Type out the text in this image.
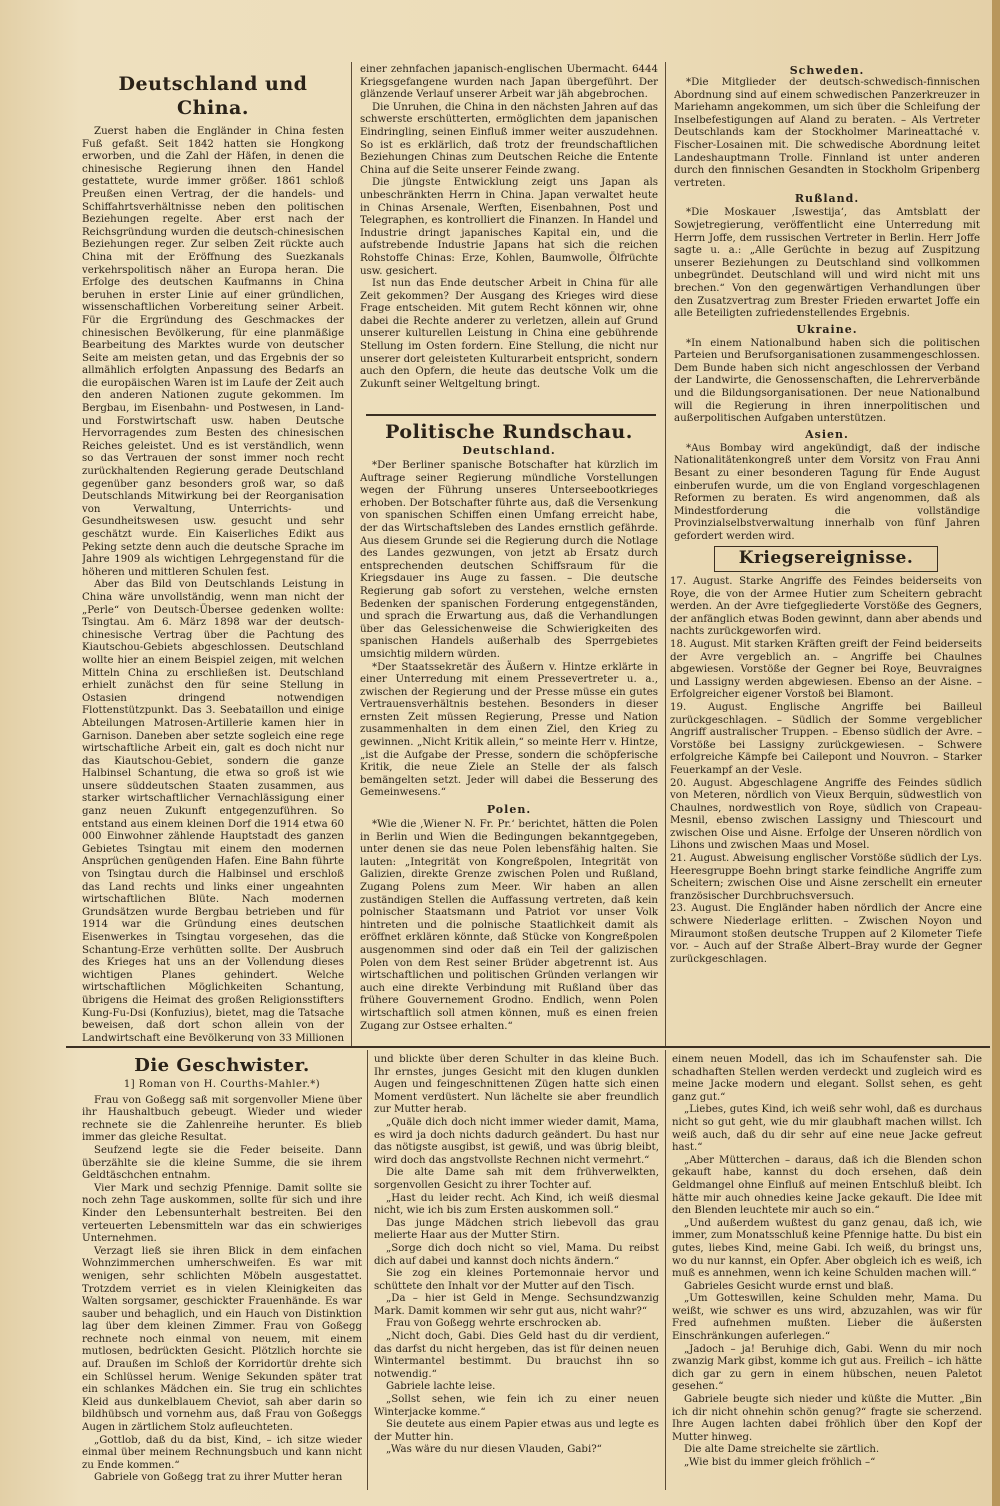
Deutschland und China.

Zuerst haben die Engländer in China festen Fuß gefaßt. Seit 1842 hatten sie Hongkong erworben, und die Zahl der Häfen, in denen die chinesische Regierung ihnen den Handel gestattete, wurde immer größer. 1861 schloß Preußen einen Vertrag, der die handels- und Schiffahrtsverhältnisse neben den politischen Beziehungen regelte. Aber erst nach der Reichsgründung wurden die deutsch-chinesischen Beziehungen reger. Zur selben Zeit rückte auch China mit der Eröffnung des Suezkanals verkehrspolitisch näher an Europa heran. Die Erfolge des deutschen Kaufmanns in China beruhen in erster Linie auf einer gründlichen, wissenschaftlichen Vorbereitung seiner Arbeit. Für die Ergründung des Geschmackes der chinesischen Bevölkerung, für eine planmäßige Bearbeitung des Marktes wurde von deutscher Seite am meisten getan, und das Ergebnis der so allmählich erfolgten Anpassung des Bedarfs an die europäischen Waren ist im Laufe der Zeit auch den anderen Nationen zugute gekommen. Im Bergbau, im Eisenbahn- und Postwesen, in Land- und Forstwirtschaft usw. haben Deutsche Hervorragendes zum Besten des chinesischen Reiches geleistet. Und es ist verständlich, wenn so das Vertrauen der sonst immer noch recht zurückhaltenden Regierung gerade Deutschland gegenüber ganz besonders groß war, so daß Deutschlands Mitwirkung bei der Reorganisation von Verwaltung, Unterrichts- und Gesundheitswesen usw. gesucht und sehr geschätzt wurde. Ein Kaiserliches Edikt aus Peking setzte denn auch die deutsche Sprache im Jahre 1909 als wichtigen Lehrgegenstand für die höheren und mittleren Schulen fest.

Aber das Bild von Deutschlands Leistung in China wäre unvollständig, wenn man nicht der „Perle“ von Deutsch-Übersee gedenken wollte: Tsingtau. Am 6. März 1898 war der deutsch-chinesische Vertrag über die Pachtung des Kiautschou-Gebiets abgeschlossen. Deutschland wollte hier an einem Beispiel zeigen, mit welchen Mitteln China zu erschließen ist. Deutschland erhielt zunächst den für seine Stellung in Ostasien dringend notwendigen Flottenstützpunkt. Das 3. Seebataillon und einige Abteilungen Matrosen-Artillerie kamen hier in Garnison. Daneben aber setzte sogleich eine rege wirtschaftliche Arbeit ein, galt es doch nicht nur das Kiautschou-Gebiet, sondern die ganze Halbinsel Schantung, die etwa so groß ist wie unsere süddeutschen Staaten zusammen, aus starker wirtschaftlicher Vernachlässigung einer ganz neuen Zukunft entgegenzuführen. So entstand aus einem kleinen Dorf die 1914 etwa 60 000 Einwohner zählende Hauptstadt des ganzen Gebietes Tsingtau mit einem den modernen Ansprüchen genügenden Hafen. Eine Bahn führte von Tsingtau durch die Halbinsel und erschloß das Land rechts und links einer ungeahnten wirtschaftlichen Blüte. Nach modernen Grundsätzen wurde Bergbau betrieben und für 1914 war die Gründung eines deutschen Eisenwerkes in Tsingtau vorgesehen, das die Schantung-Erze verhütten sollte. Der Ausbruch des Krieges hat uns an der Vollendung dieses wichtigen Planes gehindert. Welche wirtschaftlichen Möglichkeiten Schantung, übrigens die Heimat des großen Religionsstifters Kung-Fu-Dsi (Konfuzius), bietet, mag die Tatsache beweisen, daß dort schon allein von der Landwirtschaft eine Bevölkerung von 33 Millionen

einer zehnfachen japanisch-englischen Übermacht. 6444 Kriegsgefangene wurden nach Japan übergeführt. Der glänzende Verlauf unserer Arbeit war jäh abgebrochen.

Die Unruhen, die China in den nächsten Jahren auf das schwerste erschütterten, ermöglichten dem japanischen Eindringling, seinen Einfluß immer weiter auszudehnen. So ist es erklärlich, daß trotz der freundschaftlichen Beziehungen Chinas zum Deutschen Reiche die Entente China auf die Seite unserer Feinde zwang.

Die jüngste Entwicklung zeigt uns Japan als unbeschränkten Herrn in China. Japan verwaltet heute in Chinas Arsenale, Werften, Eisenbahnen, Post und Telegraphen, es kontrolliert die Finanzen. In Handel und Industrie dringt japanisches Kapital ein, und die aufstrebende Industrie Japans hat sich die reichen Rohstoffe Chinas: Erze, Kohlen, Baumwolle, Ölfrüchte usw. gesichert.

Ist nun das Ende deutscher Arbeit in China für alle Zeit gekommen? Der Ausgang des Krieges wird diese Frage entscheiden. Mit gutem Recht können wir, ohne dabei die Rechte anderer zu verletzen, allein auf Grund unserer kulturellen Leistung in China eine gebührende Stellung im Osten fordern. Eine Stellung, die nicht nur unserer dort geleisteten Kulturarbeit entspricht, sondern auch den Opfern, die heute das deutsche Volk um die Zukunft seiner Weltgeltung bringt.

Politische Rundschau.
Deutschland.

*Der Berliner spanische Botschafter hat kürzlich im Auftrage seiner Regierung mündliche Vorstellungen wegen der Führung unseres Unterseebootkrieges erhoben. Der Botschafter führte aus, daß die Versenkung von spanischen Schiffen einen Umfang erreicht habe, der das Wirtschaftsleben des Landes ernstlich gefährde. Aus diesem Grunde sei die Regierung durch die Notlage des Landes gezwungen, von jetzt ab Ersatz durch entsprechenden deutschen Schiffsraum für die Kriegsdauer ins Auge zu fassen. – Die deutsche Regierung gab sofort zu verstehen, welche ernsten Bedenken der spanischen Forderung entgegenständen, und sprach die Erwartung aus, daß die Verhandlungen über das Gelessichenweise die Schwierigkeiten des spanischen Handels außerhalb des Sperrgebietes umsichtig mildern würden.

*Der Staatssekretär des Äußern v. Hintze erklärte in einer Unterredung mit einem Pressevertreter u. a., zwischen der Regierung und der Presse müsse ein gutes Vertrauensverhältnis bestehen. Besonders in dieser ernsten Zeit müssen Regierung, Presse und Nation zusammenhalten in dem einen Ziel, den Krieg zu gewinnen. „Nicht Kritik allein,“ so meinte Herr v. Hintze, „ist die Aufgabe der Presse, sondern die schöpferische Kritik, die neue Ziele an Stelle der als falsch bemängelten setzt. Jeder will dabei die Besserung des Gemeinwesens.“

Polen.

*Wie die ‚Wiener N. Fr. Pr.‘ berichtet, hätten die Polen in Berlin und Wien die Bedingungen bekanntgegeben, unter denen sie das neue Polen lebensfähig halten. Sie lauten: „Integrität von Kongreßpolen, Integrität von Galizien, direkte Grenze zwischen Polen und Rußland, Zugang Polens zum Meer. Wir haben an allen zuständigen Stellen die Auffassung vertreten, daß kein polnischer Staatsmann und Patriot vor unser Volk hintreten und die polnische Staatlichkeit damit als eröffnet erklären könnte, daß Stücke von Kongreßpolen ausgenommen sind oder daß ein Teil der galizischen Polen von dem Rest seiner Brüder abgetrennt ist. Aus wirtschaftlichen und politischen Gründen verlangen wir auch eine direkte Verbindung mit Rußland über das frühere Gouvernement Grodno. Endlich, wenn Polen wirtschaftlich soll atmen können, muß es einen freien Zugang zur Ostsee erhalten.“

Schweden.

*Die Mitglieder der deutsch-schwedisch-finnischen Abordnung sind auf einem schwedischen Panzerkreuzer in Mariehamn angekommen, um sich über die Schleifung der Inselbefestigungen auf Aland zu beraten. – Als Vertreter Deutschlands kam der Stockholmer Marineattaché v. Fischer-Losainen mit. Die schwedische Abordnung leitet Landeshauptmann Trolle. Finnland ist unter anderen durch den finnischen Gesandten in Stockholm Gripenberg vertreten.

Rußland.

*Die Moskauer ‚Iswestija‘, das Amtsblatt der Sowjetregierung, veröffentlicht eine Unterredung mit Herrn Joffe, dem russischen Vertreter in Berlin. Herr Joffe sagte u. a.: „Alle Gerüchte in bezug auf Zuspitzung unserer Beziehungen zu Deutschland sind vollkommen unbegründet. Deutschland will und wird nicht mit uns brechen.“ Von den gegenwärtigen Verhandlungen über den Zusatzvertrag zum Brester Frieden erwartet Joffe ein alle Beteiligten zufriedenstellendes Ergebnis.

Ukraine.

*In einem Nationalbund haben sich die politischen Parteien und Berufsorganisationen zusammengeschlossen. Dem Bunde haben sich nicht angeschlossen der Verband der Landwirte, die Genossenschaften, die Lehrerverbände und die Bildungsorganisationen. Der neue Nationalbund will die Regierung in ihren innerpolitischen und außerpolitischen Aufgaben unterstützen.

Asien.

*Aus Bombay wird angekündigt, daß der indische Nationalitätenkongreß unter dem Vorsitz von Frau Anni Besant zu einer besonderen Tagung für Ende August einberufen wurde, um die von England vorgeschlagenen Reformen zu beraten. Es wird angenommen, daß als Mindestforderung die vollständige Provinzialselbstverwaltung innerhalb von fünf Jahren gefordert werden wird.

Kriegsereignisse.

17. August. Starke Angriffe des Feindes beiderseits von Roye, die von der Armee Hutier zum Scheitern gebracht werden. An der Avre tiefgegliederte Vorstöße des Gegners, der anfänglich etwas Boden gewinnt, dann aber abends und nachts zurückgeworfen wird.

18. August. Mit starken Kräften greift der Feind beiderseits der Avre vergeblich an. – Angriffe bei Chaulnes abgewiesen. Vorstöße der Gegner bei Roye, Beuvraignes und Lassigny werden abgewiesen. Ebenso an der Aisne. – Erfolgreicher eigener Vorstoß bei Blamont.

19. August. Englische Angriffe bei Bailleul zurückgeschlagen. – Südlich der Somme vergeblicher Angriff australischer Truppen. – Ebenso südlich der Avre. – Vorstöße bei Lassigny zurückgewiesen. – Schwere erfolgreiche Kämpfe bei Cailepont und Nouvron. – Starker Feuerkampf an der Vesle.

20. August. Abgeschlagene Angriffe des Feindes südlich von Meteren, nördlich von Vieux Berquin, südwestlich von Chaulnes, nordwestlich von Roye, südlich von Crapeau-Mesnil, ebenso zwischen Lassigny und Thiescourt und zwischen Oise und Aisne. Erfolge der Unseren nördlich von Lihons und zwischen Maas und Mosel.

21. August. Abweisung englischer Vorstöße südlich der Lys. Heeresgruppe Boehn bringt starke feindliche Angriffe zum Scheitern; zwischen Oise und Aisne zerschellt ein erneuter französischer Durchbruchsversuch.

23. August. Die Engländer haben nördlich der Ancre eine schwere Niederlage erlitten. – Zwischen Noyon und Miraumont stoßen deutsche Truppen auf 2 Kilometer Tiefe vor. – Auch auf der Straße Albert–Bray wurde der Gegner zurückgeschlagen.

Die Geschwister.
1] Roman von H. Courths-Mahler.*)

Frau von Goßegg saß mit sorgenvoller Miene über ihr Haushaltbuch gebeugt. Wieder und wieder rechnete sie die Zahlenreihe herunter. Es blieb immer das gleiche Resultat.

Seufzend legte sie die Feder beiseite. Dann überzählte sie die kleine Summe, die sie ihrem Geldtäschchen entnahm.

Vier Mark und sechzig Pfennige. Damit sollte sie noch zehn Tage auskommen, sollte für sich und ihre Kinder den Lebensunterhalt bestreiten. Bei den verteuerten Lebensmitteln war das ein schwieriges Unternehmen.

Verzagt ließ sie ihren Blick in dem einfachen Wohnzimmerchen umherschweifen. Es war mit wenigen, sehr schlichten Möbeln ausgestattet. Trotzdem verriet es in vielen Kleinigkeiten das Walten sorgsamer, geschickter Frauenhände. Es war sauber und behaglich, und ein Hauch von Distinktion lag über dem kleinen Zimmer. Frau von Goßegg rechnete noch einmal von neuem, mit einem mutlosen, bedrückten Gesicht. Plötzlich horchte sie auf. Draußen im Schloß der Korridortür drehte sich ein Schlüssel herum. Wenige Sekunden später trat ein schlankes Mädchen ein. Sie trug ein schlichtes Kleid aus dunkelblauem Cheviot, sah aber darin so bildhübsch und vornehm aus, daß Frau von Goßeggs Augen in zärtlichem Stolz aufleuchteten.

„Gottlob, daß du da bist, Kind, – ich sitze wieder einmal über meinem Rechnungsbuch und kann nicht zu Ende kommen.“

Gabriele von Goßegg trat zu ihrer Mutter heran

und blickte über deren Schulter in das kleine Buch. Ihr ernstes, junges Gesicht mit den klugen dunklen Augen und feingeschnittenen Zügen hatte sich einen Moment verdüstert. Nun lächelte sie aber freundlich zur Mutter herab.

„Quäle dich doch nicht immer wieder damit, Mama, es wird ja doch nichts dadurch geändert. Du hast nur das nötigste ausgibst, ist gewiß, und was übrig bleibt, wird doch das angstvollste Rechnen nicht vermehrt.“

Die alte Dame sah mit dem frühverwelkten, sorgenvollen Gesicht zu ihrer Tochter auf.

„Hast du leider recht. Ach Kind, ich weiß diesmal nicht, wie ich bis zum Ersten auskommen soll.“

Das junge Mädchen strich liebevoll das grau melierte Haar aus der Mutter Stirn.

„Sorge dich doch nicht so viel, Mama. Du reibst dich auf dabei und kannst doch nichts ändern.“

Sie zog ein kleines Portemonnaie hervor und schüttete den Inhalt vor der Mutter auf den Tisch.

„Da – hier ist Geld in Menge. Sechsundzwanzig Mark. Damit kommen wir sehr gut aus, nicht wahr?“

Frau von Goßegg wehrte erschrocken ab.

„Nicht doch, Gabi. Dies Geld hast du dir verdient, das darfst du nicht hergeben, das ist für deinen neuen Wintermantel bestimmt. Du brauchst ihn so notwendig.“

Gabriele lachte leise.

„Sollst sehen, wie fein ich zu einer neuen Winterjacke komme.“

Sie deutete aus einem Papier etwas aus und legte es der Mutter hin.

„Was wäre du nur diesen Vlauden, Gabi?“

einem neuen Modell, das ich im Schaufenster sah. Die schadhaften Stellen werden verdeckt und zugleich wird es meine Jacke modern und elegant. Sollst sehen, es geht ganz gut.“

„Liebes, gutes Kind, ich weiß sehr wohl, daß es durchaus nicht so gut geht, wie du mir glaubhaft machen willst. Ich weiß auch, daß du dir sehr auf eine neue Jacke gefreut hast.“

„Aber Mütterchen – daraus, daß ich die Blenden schon gekauft habe, kannst du doch ersehen, daß dein Geldmangel ohne Einfluß auf meinen Entschluß bleibt. Ich hätte mir auch ohnedies keine Jacke gekauft. Die Idee mit den Blenden leuchtete mir auch so ein.“

„Und außerdem wußtest du ganz genau, daß ich, wie immer, zum Monatsschluß keine Pfennige hatte. Du bist ein gutes, liebes Kind, meine Gabi. Ich weiß, du bringst uns, wo du nur kannst, ein Opfer. Aber obgleich ich es weiß, ich muß es annehmen, wenn ich keine Schulden machen will.“

Gabrieles Gesicht wurde ernst und blaß.

„Um Gotteswillen, keine Schulden mehr, Mama. Du weißt, wie schwer es uns wird, abzuzahlen, was wir für Fred aufnehmen mußten. Lieber die äußersten Einschränkungen auferlegen.“

„Jadoch – ja! Beruhige dich, Gabi. Wenn du mir noch zwanzig Mark gibst, komme ich gut aus. Freilich – ich hätte dich gar zu gern in einem hübschen, neuen Paletot gesehen.“

Gabriele beugte sich nieder und küßte die Mutter. „Bin ich dir nicht ohnehin schön genug?“ fragte sie scherzend. Ihre Augen lachten dabei fröhlich über den Kopf der Mutter hinweg.

Die alte Dame streichelte sie zärtlich.

„Wie bist du immer gleich fröhlich –“
